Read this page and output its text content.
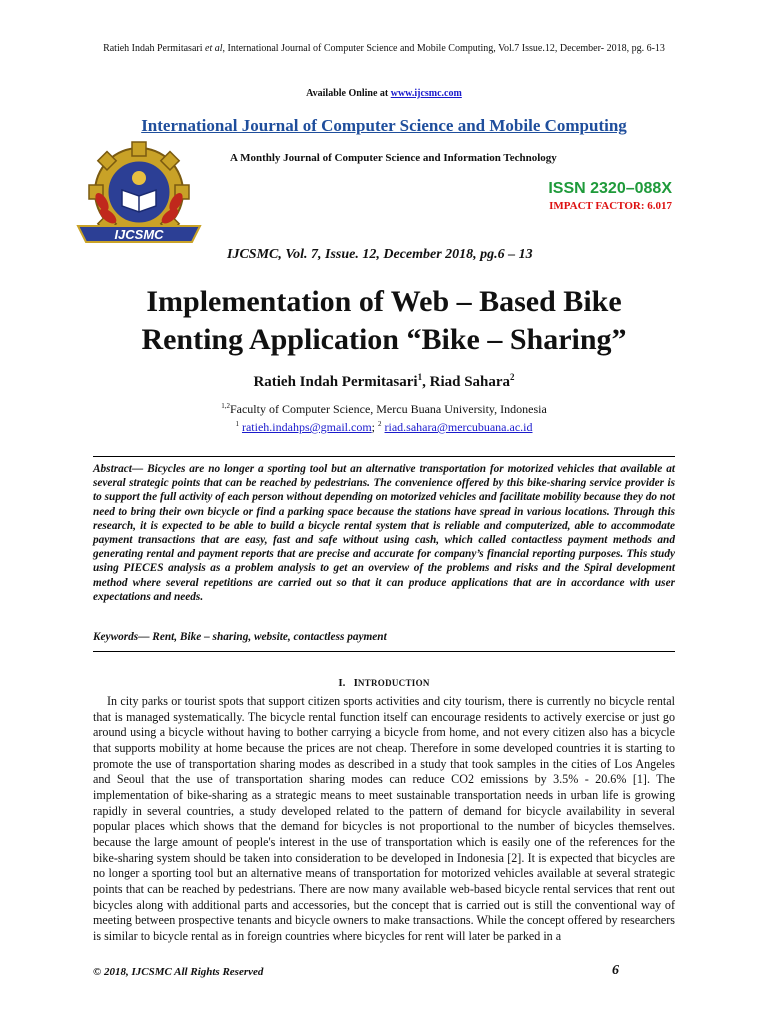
Ratieh Indah Permitasari et al, International Journal of Computer Science and Mobile Computing, Vol.7 Issue.12, December- 2018, pg. 6-13
Available Online at www.ijcsmc.com
International Journal of Computer Science and Mobile Computing
A Monthly Journal of Computer Science and Information Technology
IJCSMC
ISSN 2320–088X
IMPACT FACTOR: 6.017
IJCSMC, Vol. 7, Issue. 12, December 2018, pg.6 – 13
Implementation of Web – Based Bike
Renting Application “Bike – Sharing”
Ratieh Indah Permitasari$^1$, Riad Sahara$^2$
$^{1,2}$Faculty of Computer Science, Mercu Buana University, Indonesia
$^1$ ratieh.indahps@gmail.com; $^2$ riad.sahara@mercubuana.ac.id
Abstract— Bicycles are no longer a sporting tool but an alternative transportation for motorized vehicles that available at several strategic points that can be reached by pedestrians. The convenience offered by this bike-sharing service provider is to support the full activity of each person without depending on motorized vehicles and facilitate mobility because they do not need to bring their own bicycle or find a parking space because the stations have spread in various locations. Through this research, it is expected to be able to build a bicycle rental system that is reliable and computerized, able to accommodate payment transactions that are easy, fast and safe without using cash, which called contactless payment methods and generating rental and payment reports that are precise and accurate for company’s financial reporting purposes. This study using PIECES analysis as a problem analysis to get an overview of the problems and risks and the Spiral development method where several repetitions are carried out so that it can produce applications that are in accordance with user expectations and needs.
Keywords— Rent, Bike – sharing, website, contactless payment
I. INTRODUCTION
In city parks or tourist spots that support citizen sports activities and city tourism, there is currently no bicycle rental that is managed systematically. The bicycle rental function itself can encourage residents to actively exercise or just go around using a bicycle without having to bother carrying a bicycle from home, and not every citizen also has a bicycle that supports mobility at home because the prices are not cheap. Therefore in some developed countries it is starting to promote the use of transportation sharing modes as described in a study that took samples in the cities of Los Angeles and Seoul that the use of transportation sharing modes can reduce CO2 emissions by 3.5% - 20.6% [1]. The implementation of bike-sharing as a strategic means to meet sustainable transportation needs in urban life is growing rapidly in several countries, a study developed related to the pattern of demand for bicycle availability in several popular places which shows that the demand for bicycles is not proportional to the number of bicycles themselves. because the large amount of people's interest in the use of transportation which is easily one of the references for the bike-sharing system should be taken into consideration to be developed in Indonesia [2]. It is expected that bicycles are no longer a sporting tool but an alternative means of transportation for motorized vehicles available at several strategic points that can be reached by pedestrians. There are now many available web-based bicycle rental services that rent out bicycles along with additional parts and accessories, but the concept that is carried out is still the conventional way of meeting between prospective tenants and bicycle owners to make transactions. While the concept offered by researchers is similar to bicycle rental as in foreign countries where bicycles for rent will later be parked in a
© 2018, IJCSMC All Rights Reserved	6
